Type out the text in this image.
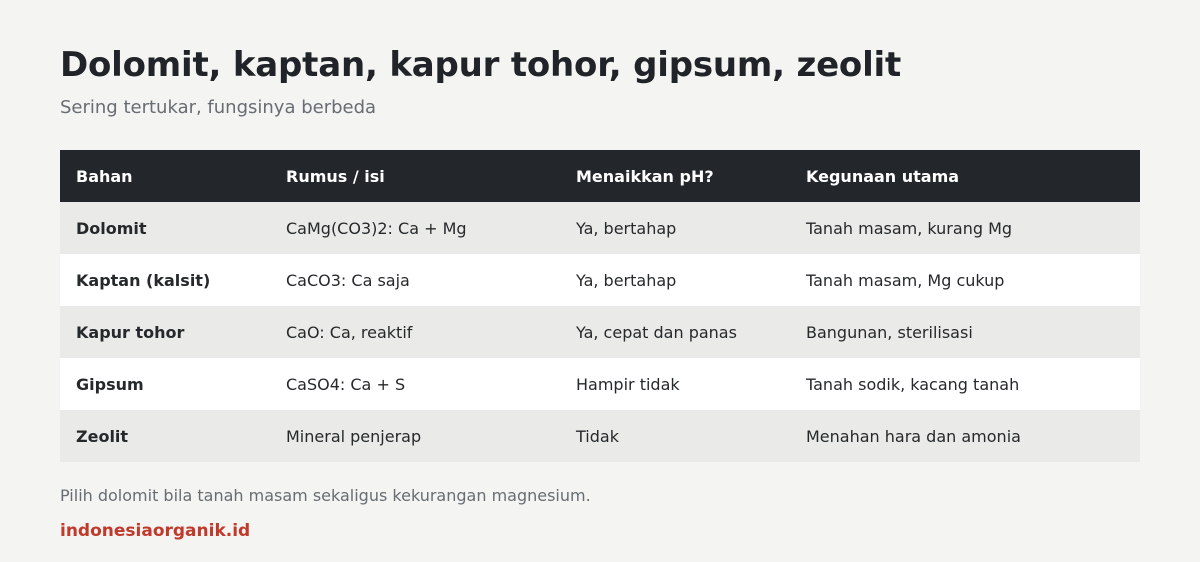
Dolomit, kaptan, kapur tohor, gipsum, zeolit

Sering tertukar, fungsinya berbeda

Bahan	Rumus / isi	Menaikkan pH?	Kegunaan utama
Dolomit	CaMg(CO3)2: Ca + Mg	Ya, bertahap	Tanah masam, kurang Mg
Kaptan (kalsit)	CaCO3: Ca saja	Ya, bertahap	Tanah masam, Mg cukup
Kapur tohor	CaO: Ca, reaktif	Ya, cepat dan panas	Bangunan, sterilisasi
Gipsum	CaSO4: Ca + S	Hampir tidak	Tanah sodik, kacang tanah
Zeolit	Mineral penjerap	Tidak	Menahan hara dan amonia

Pilih dolomit bila tanah masam sekaligus kekurangan magnesium.

indonesiaorganik.id
